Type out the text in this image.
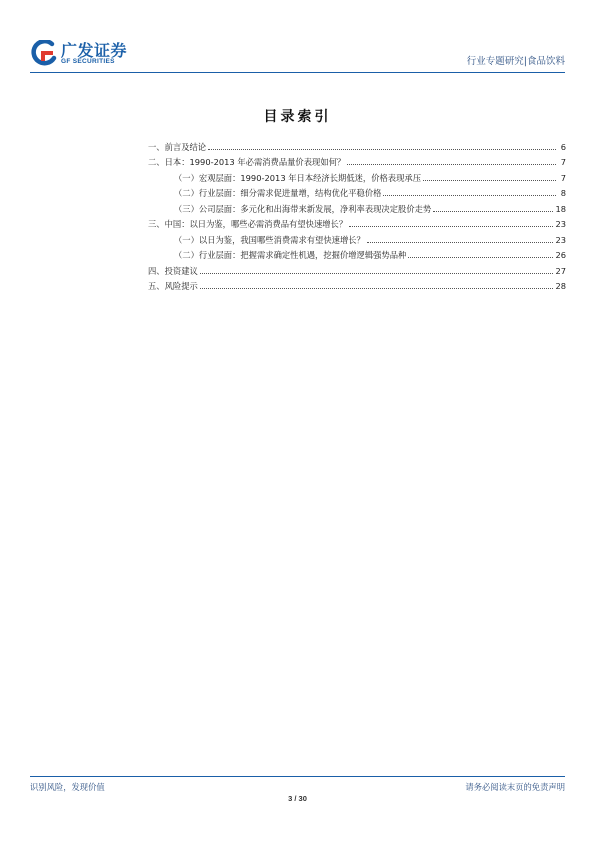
广发证券
GF SECURITIES	行业专题研究|食品饮料
目录索引
一、前言及结论	6
二、日本：1990-2013 年必需消费品量价表现如何？	7
（一）宏观层面：1990-2013 年日本经济长期低迷，价格表现承压	7
（二）行业层面：细分需求促进量增，结构优化平稳价格	8
（三）公司层面：多元化和出海带来新发展，净利率表现决定股价走势	18
三、中国：以日为鉴，哪些必需消费品有望快速增长？	23
（一）以日为鉴，我国哪些消费需求有望快速增长？	23
（二）行业层面：把握需求确定性机遇，挖掘价增逻辑强势品种	26
四、投资建议	27
五、风险提示	28
识别风险，发现价值	请务必阅读末页的免责声明
3 / 30
